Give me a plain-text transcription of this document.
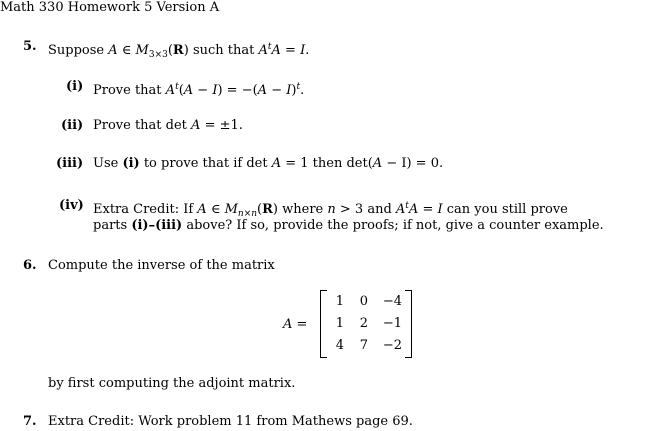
Math 330 Homework 5 Version A
5. Suppose A ∈ $M_{3\times 3}(R)$ such that $A^tA = I$.
(i) Prove that $A^t(A - I) = -(A - I)^t$.
(ii) Prove that det A = ±1.
(iii) Use (i) to prove that if det A = 1 then det(A − I) = 0.
(iv) Extra Credit: If A ∈ $M_{n\times n}(R)$ where n > 3 and $A^tA = I$ can you still prove
parts (i)–(iii) above? If so, provide the proofs; if not, give a counter example.
6. Compute the inverse of the matrix
A =
1	0 −4
1	2 −1
4	7 −2
by first computing the adjoint matrix.
7. Extra Credit: Work problem 11 from Mathews page 69.
